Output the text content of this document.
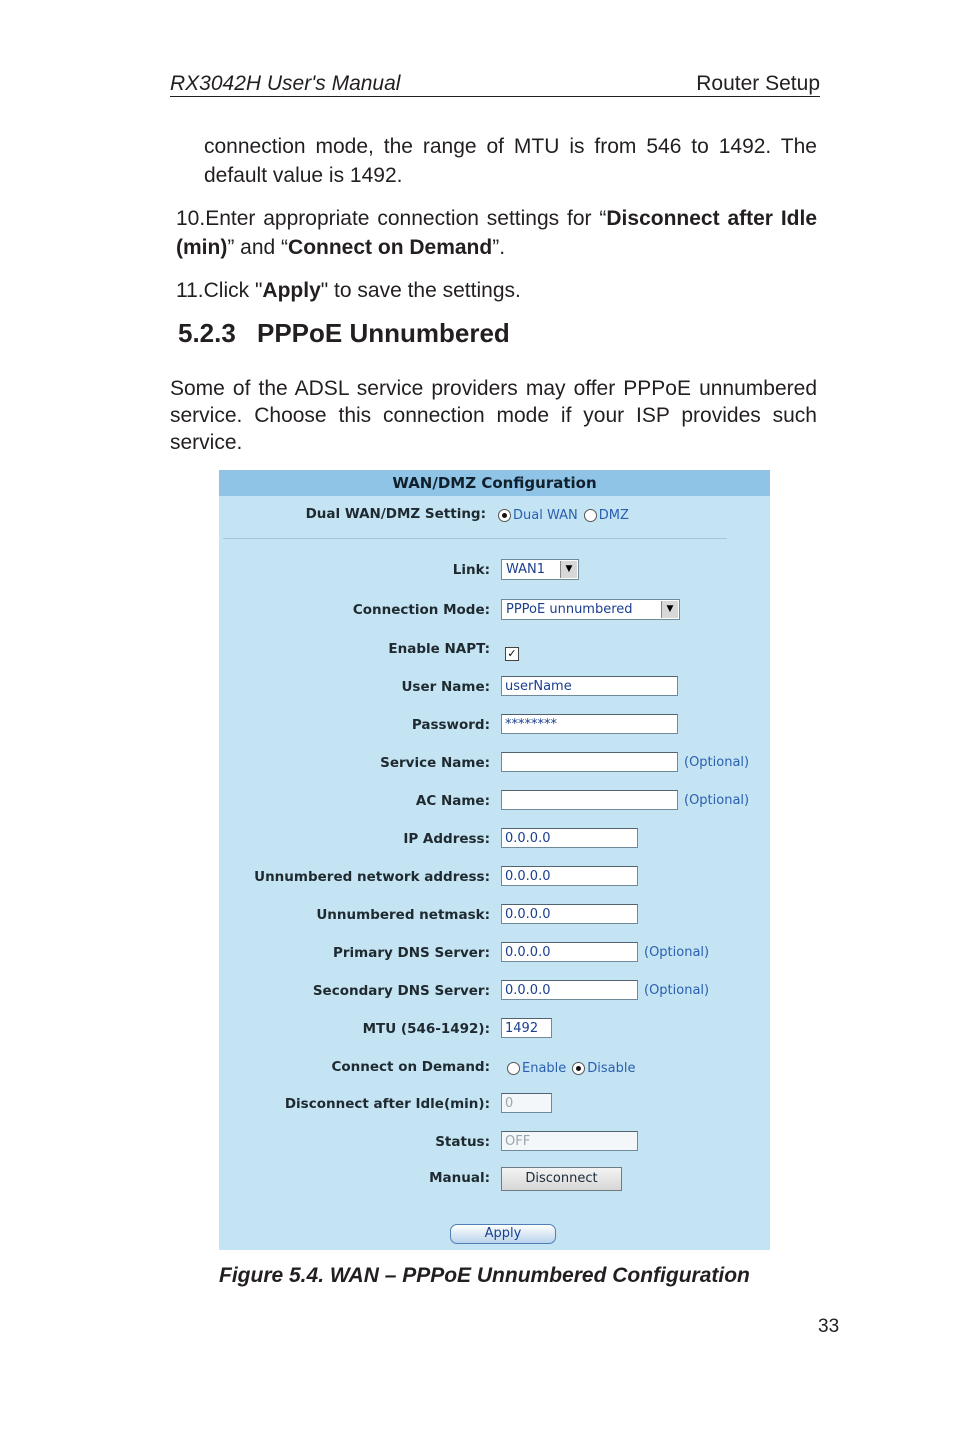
RX3042H User's Manual	Router Setup
connection mode, the range of MTU is from 546 to 1492. The default value is 1492.
10.Enter appropriate connection settings for “Disconnect after Idle (min)” and “Connect on Demand”.
11.Click "Apply" to save the settings.
5.2.3 PPPoE Unnumbered
Some of the ADSL service providers may offer PPPoE unnumbered service. Choose this connection mode if your ISP provides such service.
WAN/DMZ Configuration
Dual WAN/DMZ Setting:	Dual WAN DMZ
Link:	WAN1	▼
Connection Mode:	PPPoE unnumbered	▼
Enable NAPT: ✓
User Name:	userName
Password:	********
Service Name:	(Optional)
AC Name:	(Optional)
IP Address:	0.0.0.0
Unnumbered network address:	0.0.0.0
Unnumbered netmask:	0.0.0.0
Primary DNS Server:	0.0.0.0	(Optional)
Secondary DNS Server:	0.0.0.0	(Optional)
MTU (546-1492):	1492
Connect on Demand:	Enable Disable
Disconnect after Idle(min):	0
Status:	OFF
Manual:	Disconnect
Apply
Figure 5.4. WAN – PPPoE Unnumbered Configuration
33
